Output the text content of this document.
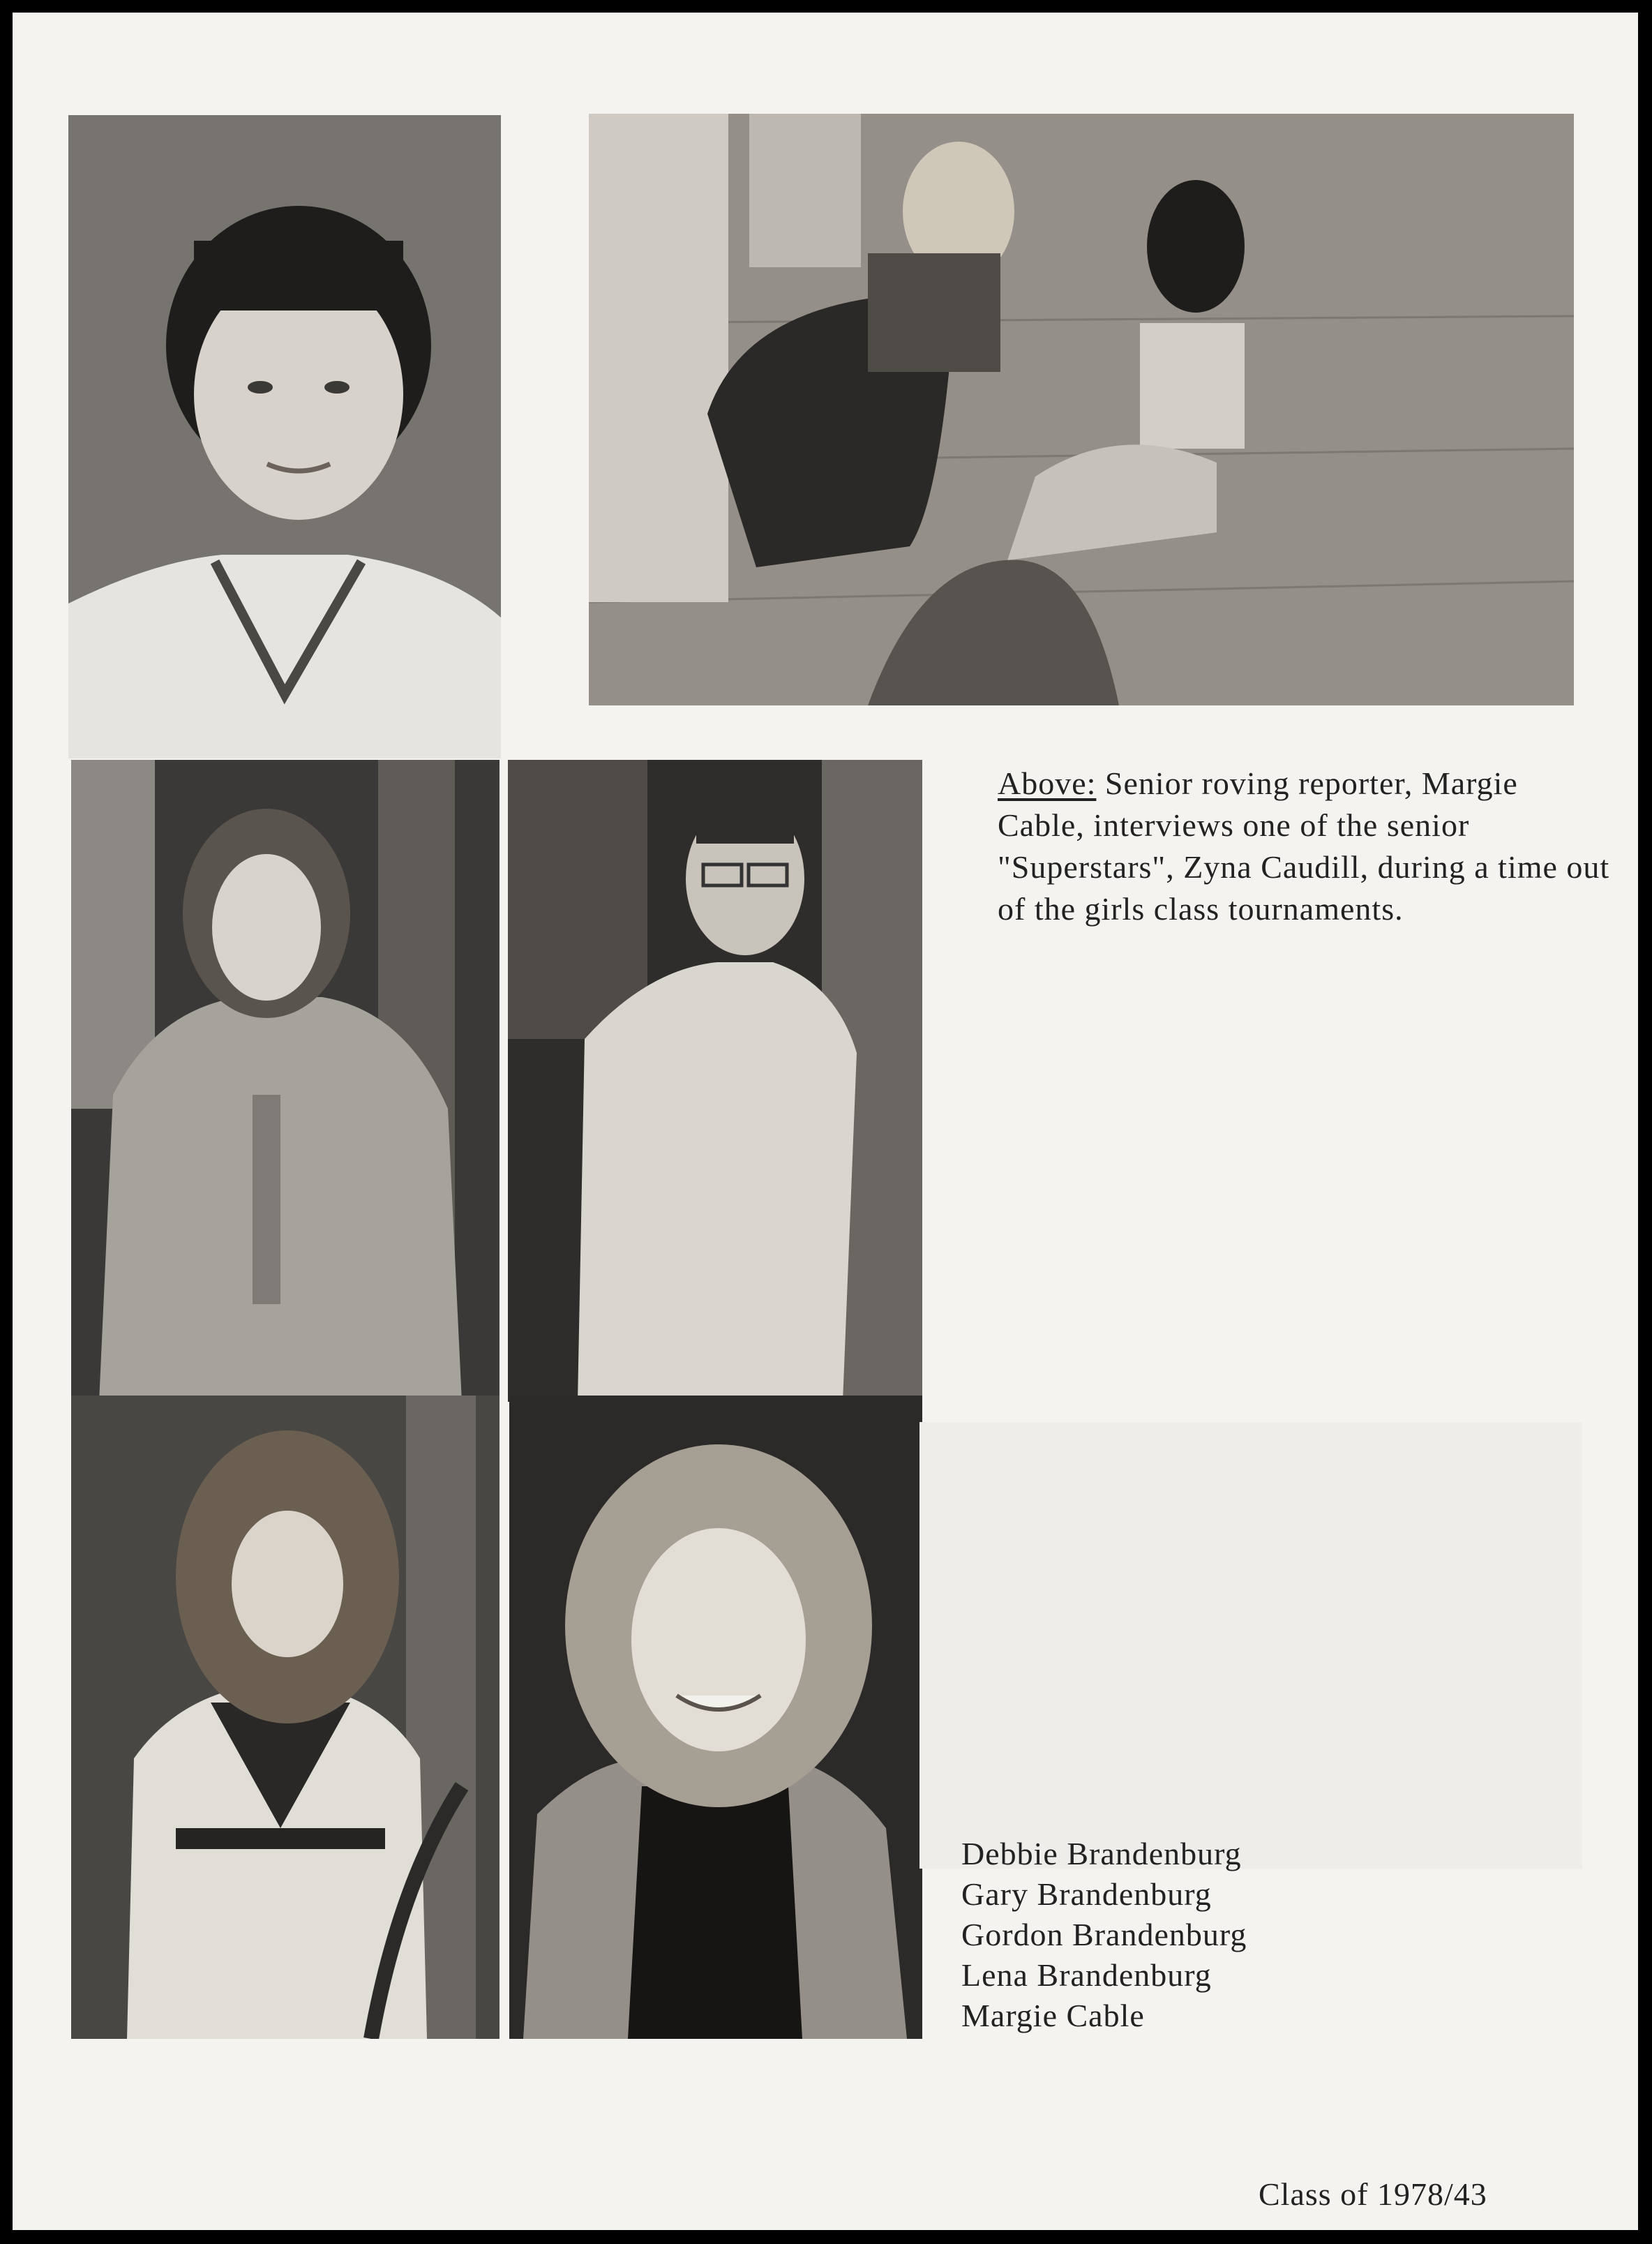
Above: Senior roving reporter, Margie Cable, interviews one of the senior "Superstars", Zyna Caudill, during a time out of the girls class tournaments.
Debbie Brandenburg
Gary Brandenburg
Gordon Brandenburg
Lena Brandenburg
Margie Cable
Class of 1978/43
